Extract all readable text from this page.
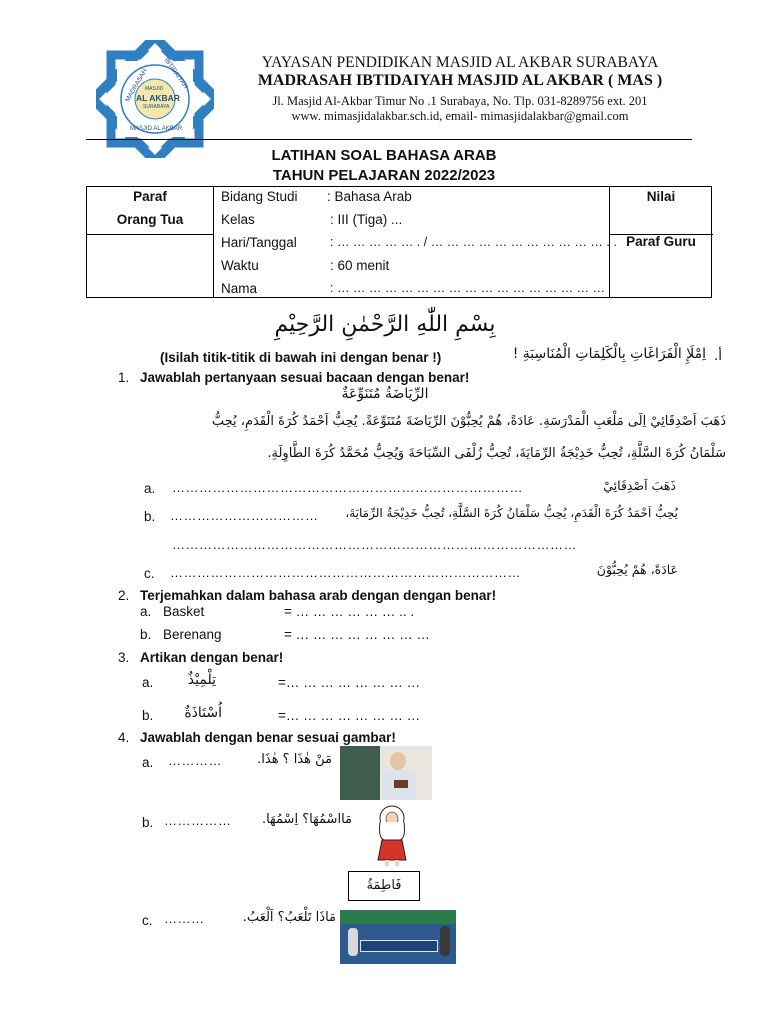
MADRASAH IBTIDAIYAH
MASJID AL AKBAR
MASJID
AL AKBAR
SURABAYA
YAYASAN PENDIDIKAN MASJID AL AKBAR SURABAYA
MADRASAH IBTIDAIYAH MASJID AL AKBAR ( MAS )
Jl. Masjid Al-Akbar Timur No .1 Surabaya, No. Tlp. 031-8289756 ext. 201
www. mimasjidalakbar.sch.id, email- mimasjidalakbar@gmail.com
LATIHAN SOAL BAHASA ARAB
TAHUN PELAJARAN 2022/2023
Paraf
Orang Tua
Nilai
Paraf Guru
Bidang Studi : Bahasa Arab
Kelas	: III (Tiga) ...
Hari/Tanggal	: … … … … … . / … … … … … … … … … … … . .
Waktu	: 60 menit
Nama	: … … … … … … … … … … … … … … … … …
بِسْمِ اللّٰهِ الرَّحْمٰنِ الرَّحِيْمِ
أ.
اِمْلَإِ الْفَرَاغَاتِ بِالْكَلِمَاتِ الْمُنَاسِبَةِ !
(Isilah titik-titik di bawah ini dengan benar !)
1. Jawablah pertanyaan sesuai bacaan dengan benar!
الرِّيَاضَةُ مُتَنَوِّعَةٌ
ذَهَبَ اَصْدِقَائِيْ اِلَى مَلْعَبِ الْمَدْرَسَةِ. عَادَةً، هُمْ يُحِبُّوْنَ الرِّيَاضَةَ مُتَنَوِّعَةً. يُحِبُّ اَحْمَدُ كُرَةَ الْقَدَمِ، يُحِبُّ
سَلْمَانُ كُرَةَ السَّلَّةِ، تُحِبُّ خَدِيْجَةُ الرِّمَايَةَ، تُحِبُّ زُلْفَى السِّبَاحَةَ وَيُحِبُّ مُحَمَّدُ كُرَةَ الطَّاوِلَةِ.
a. ……………………………………………………………………	ذَهَبَ اَصْدِقَائِيْ
b. ……………………………	يُحِبُّ اَحْمَدُ كُرَةَ الْقَدَمِ، يُحِبُّ سَلْمَانُ كُرَةَ السَّلَّةِ، تُحِبُّ خَدِيْجَةُ الرِّمَايَةَ،
………………………………………………………………………………
c. ……………………………………………………………………	عَادَةً، هُمْ يُحِبُّوْنَ
2. Terjemahkan dalam bahasa arab dengan dengan benar!
a. Basket	= … … … … … … .. .
b. Berenang	= … … … … … … … …
3. Artikan dengan benar!
a.	تِلْمِيْذٌ	=… … … … … … … …
b.	اُسْتَاذَةٌ	=… … … … … … … …
4. Jawablah dengan benar sesuai gambar!
a. …………	مَنْ هٰذَا ؟ هٰذَا.
b. ……………	مَااسْمُهَا؟ اِسْمُهَا.
فَاطِمَةُ
c. ………	مَاذَا تَلْعَبُ؟ اَلْعَبُ.
